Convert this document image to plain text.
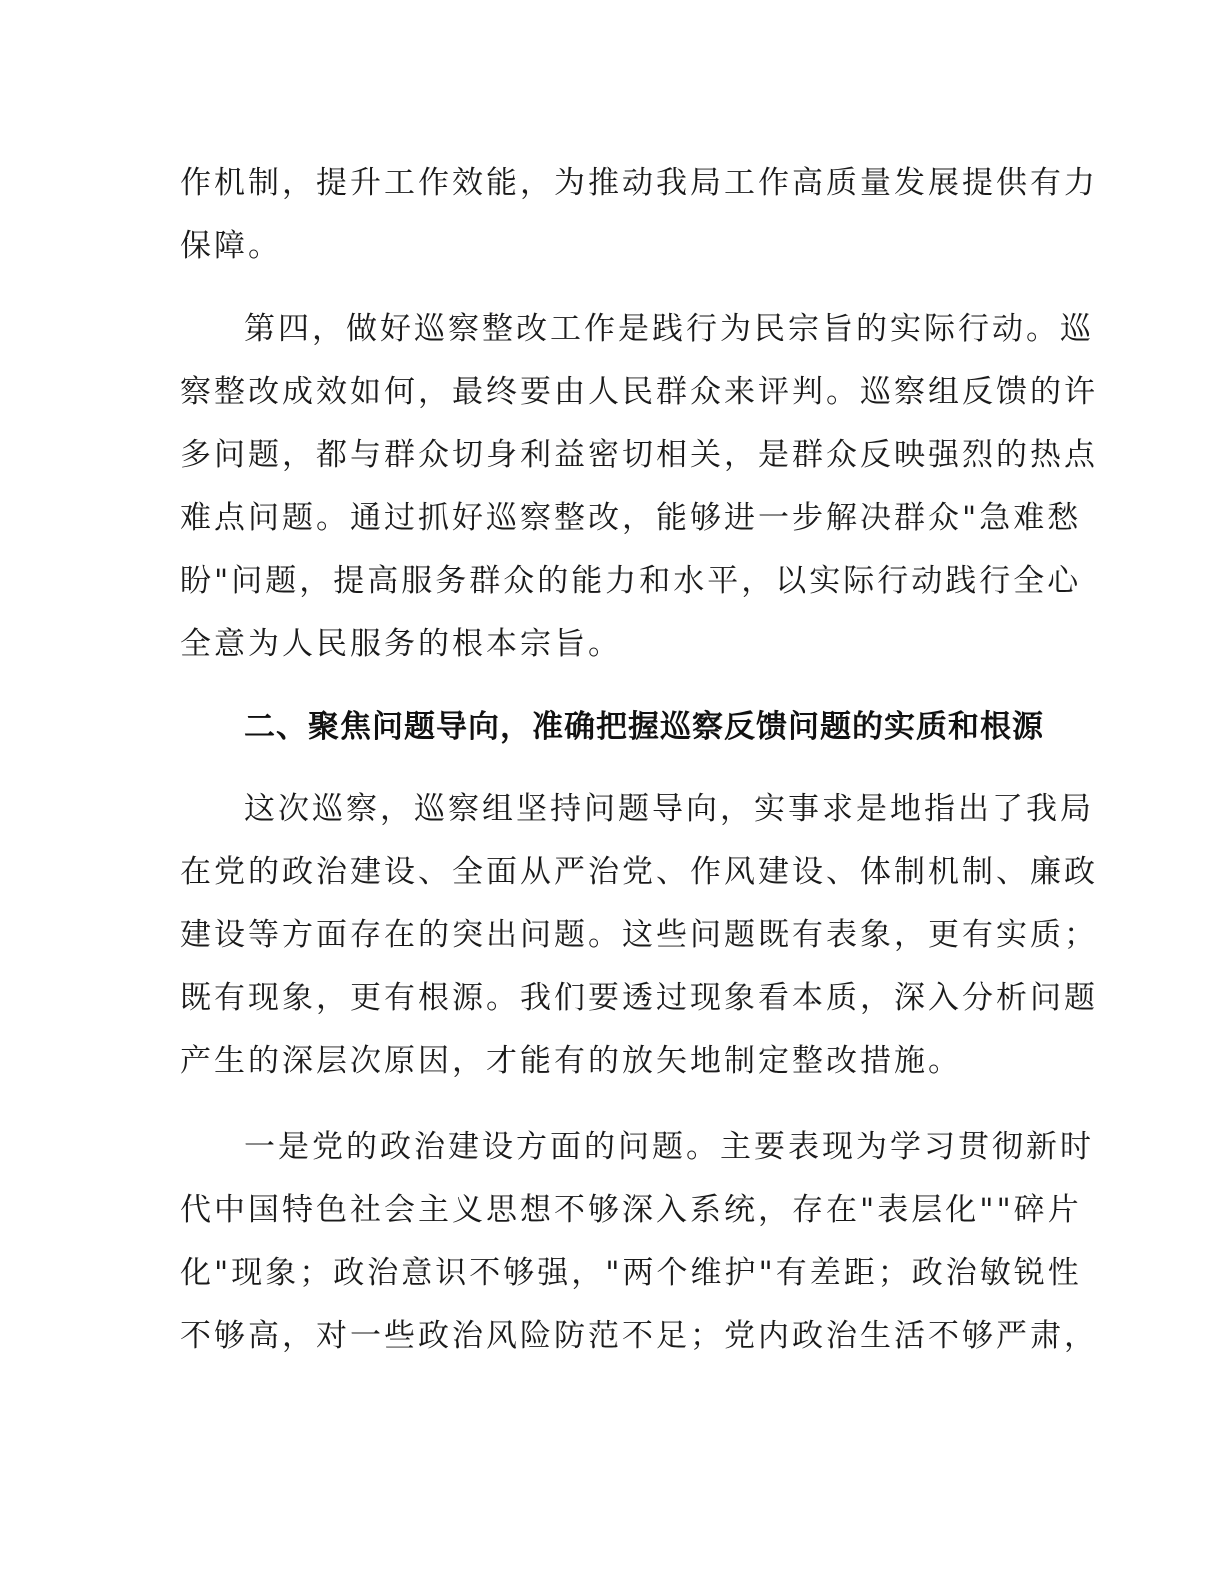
作机制，提升工作效能，为推动我局工作高质量发展提供有力
保障。
第四，做好巡察整改工作是践行为民宗旨的实际行动。巡
察整改成效如何，最终要由人民群众来评判。巡察组反馈的许
多问题，都与群众切身利益密切相关，是群众反映强烈的热点
难点问题。通过抓好巡察整改，能够进一步解决群众"急难愁
盼"问题，提高服务群众的能力和水平，以实际行动践行全心
全意为人民服务的根本宗旨。
二、聚焦问题导向，准确把握巡察反馈问题的实质和根源
这次巡察，巡察组坚持问题导向，实事求是地指出了我局
在党的政治建设、全面从严治党、作风建设、体制机制、廉政
建设等方面存在的突出问题。这些问题既有表象，更有实质；
既有现象，更有根源。我们要透过现象看本质，深入分析问题
产生的深层次原因，才能有的放矢地制定整改措施。
一是党的政治建设方面的问题。主要表现为学习贯彻新时
代中国特色社会主义思想不够深入系统，存在"表层化""碎片
化"现象；政治意识不够强，"两个维护"有差距；政治敏锐性
不够高，对一些政治风险防范不足；党内政治生活不够严肃，
